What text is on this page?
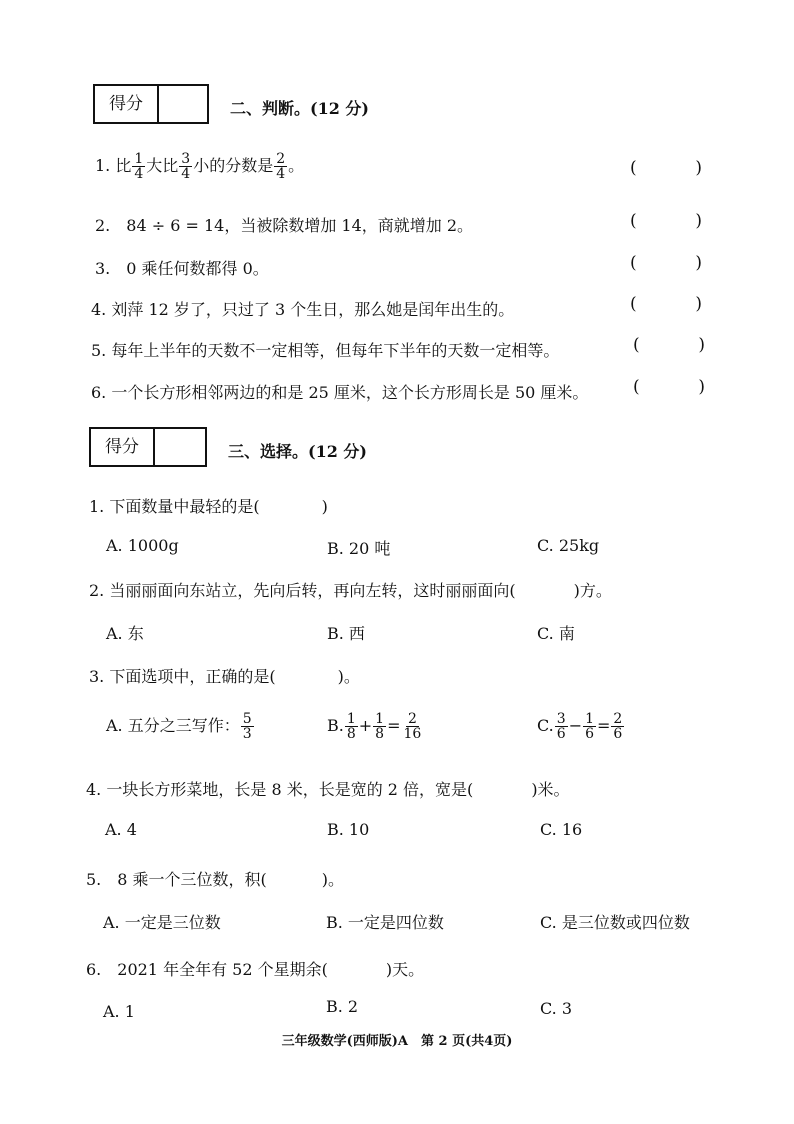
得分	二、判断。(12 分)
1. 比 $\frac{1}{4}$ 大比 $\frac{3}{4}$ 小的分数是 $\frac{2}{4}$ 。	(	)
2.　84 ÷ 6 = 14，当被除数增加 14，商就增加 2。	(	)
3.　0 乘任何数都得 0。	(	)
4. 刘萍 12 岁了，只过了 3 个生日，那么她是闰年出生的。	(	)
5. 每年上半年的天数不一定相等，但每年下半年的天数一定相等。	(	)
6. 一个长方形相邻两边的和是 25 厘米，这个长方形周长是 50 厘米。	(	)
得分	三、选择。(12 分)
1. 下面数量中最轻的是(	)
A. 1000g	B. 20 吨	C. 25kg
2. 当丽丽面向东站立，先向后转，再向左转，这时丽丽面向(	)方。
A. 东	B. 西	C. 南
3. 下面选项中，正确的是(	)。
A. 五分之三写作： $\frac{5}{3}$	B. $\frac{1}{8} + \frac{1}{8} = \frac{2}{16}$	C. $\frac{3}{6} - \frac{1}{6} = \frac{2}{6}$
4. 一块长方形菜地，长是 8 米，长是宽的 2 倍，宽是(	)米。
A. 4	B. 10	C. 16
5.　8 乘一个三位数，积(	)。
A. 一定是三位数	B. 一定是四位数	C. 是三位数或四位数
6.　2021 年全年有 52 个星期余(	)天。
A. 1	B. 2	C. 3
三年级数学(西师版)A　第 2 页(共4页)
